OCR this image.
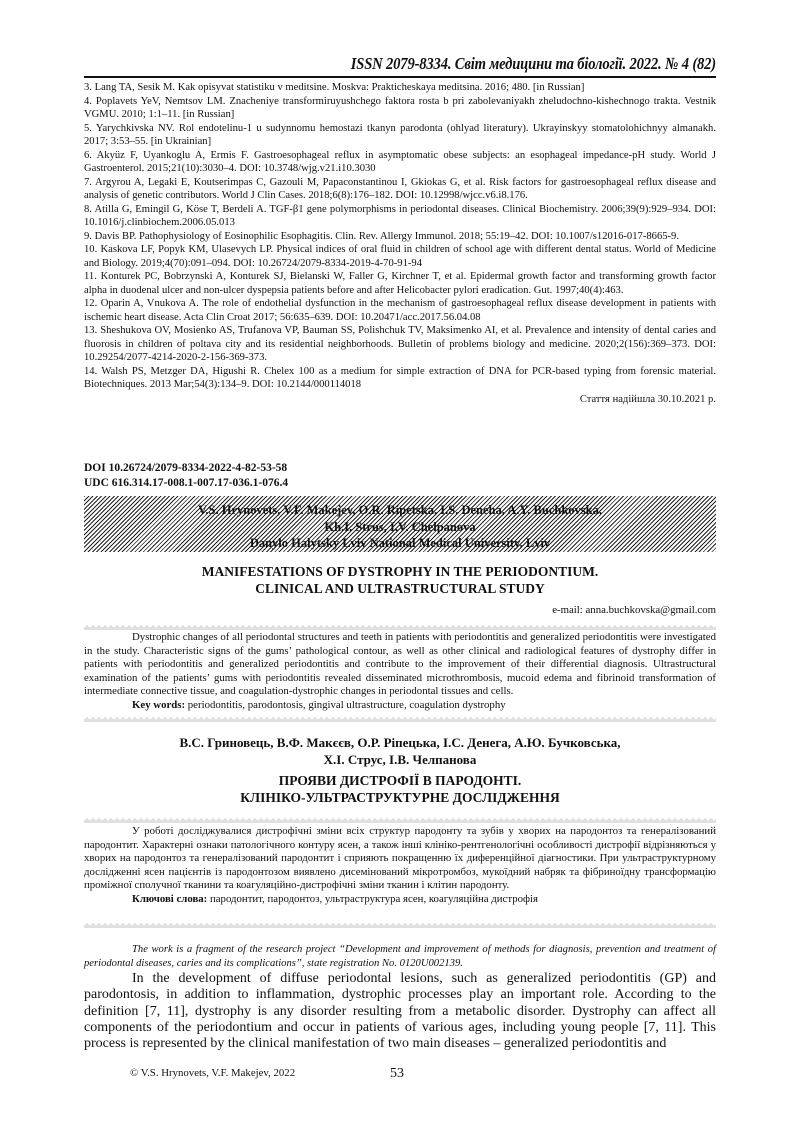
ISSN 2079-8334. Світ медицини та біології. 2022. № 4 (82)

3. Lang TA, Sesik M. Kak opisyvat statistiku v meditsine. Moskva: Prakticheskaya meditsina. 2016; 480. [in Russian]

4. Poplavets YeV, Nemtsov LM. Znacheniye transformiruyushchego faktora rosta b pri zabolevaniyakh zheludochno-kishechnogo trakta. Vestnik VGMU. 2010; 1:1–11. [in Russian]

5. Yarychkivska NV. Rol endotelinu-1 u sudynnomu hemostazi tkanyn parodonta (ohlyad literatury). Ukrayinskyy stomatolohichnyy almanakh. 2017; 3:53–55. [in Ukrainian]

6. Akyüz F, Uyankoglu A, Ermis F. Gastroesophageal reflux in asymptomatic obese subjects: an esophageal impedance-pH study. World J Gastroenterol. 2015;21(10):3030–4. DOI: 10.3748/wjg.v21.i10.3030

7. Argyrou A, Legaki E, Koutserimpas C, Gazouli M, Papaconstantinou I, Gkiokas G, et al. Risk factors for gastroesophageal reflux disease and analysis of genetic contributors. World J Clin Cases. 2018;6(8):176–182. DOI: 10.12998/wjcc.v6.i8.176.

8. Atilla G, Emingil G, Köse T, Berdeli A. TGF-β1 gene polymorphisms in periodontal diseases. Clinical Biochemistry. 2006;39(9):929–934. DOI: 10.1016/j.clinbiochem.2006.05.013

9. Davis BP. Pathophysiology of Eosinophilic Esophagitis. Clin. Rev. Allergy Immunol. 2018; 55:19–42. DOI: 10.1007/s12016-017-8665-9.

10. Kaskova LF, Popyk KM, Ulasevych LP. Physical indices of oral fluid in children of school age with different dental status. World of Medicine and Biology. 2019;4(70):091–094. DOI: 10.26724/2079-8334-2019-4-70-91-94

11. Konturek PC, Bobrzynski A, Konturek SJ, Bielanski W, Faller G, Kirchner T, et al. Epidermal growth factor and transforming growth factor alpha in duodenal ulcer and non-ulcer dyspepsia patients before and after Helicobacter pylori eradication. Gut. 1997;40(4):463.

12. Oparin A, Vnukova A. The role of endothelial dysfunction in the mechanism of gastroesophageal reflux disease development in patients with ischemic heart disease. Acta Clin Croat 2017; 56:635–639. DOI: 10.20471/acc.2017.56.04.08

13. Sheshukova OV, Mosienko AS, Trufanova VP, Bauman SS, Polishchuk TV, Maksimenko AI, et al. Prevalence and intensity of dental caries and fluorosis in children of poltava city and its residential neighborhoods. Bulletin of problems biology and medicine. 2020;2(156):369–373. DOI: 10.29254/2077-4214-2020-2-156-369-373.

14. Walsh PS, Metzger DA, Higushi R. Chelex 100 as a medium for simple extraction of DNA for PCR-based typing from forensic material. Biotechniques. 2013 Mar;54(3):134–9. DOI: 10.2144/000114018

Стаття надійшла 30.10.2021 р.
DOI 10.26724/2079-8334-2022-4-82-53-58
UDC 616.314.17-008.1-007.17-036.1-076.4
V.S. Hrynovets, V.F. Makejev, O.R. Ripetska, I.S. Deneha, A.Y. Buchkovska,
Kh.I. Strus, I.V. Chelpanova
Danylo Halytsky Lviv National Medical University, Lviv
MANIFESTATIONS OF DYSTROPHY IN THE PERIODONTIUM.
CLINICAL AND ULTRASTRUCTURAL STUDY
e-mail: anna.buchkovska@gmail.com

Dystrophic changes of all periodontal structures and teeth in patients with periodontitis and generalized periodontitis were investigated in the study. Characteristic signs of the gums’ pathological contour, as well as other clinical and radiological features of dystrophy differ in patients with periodontitis and generalized periodontitis and contribute to the improvement of their differential diagnosis. Ultrastructural examination of the patients’ gums with periodontitis revealed disseminated microthrombosis, mucoid edema and fibrinoid transformation of intermediate connective tissue, and coagulation-dystrophic changes in periodontal tissues and cells.

Key words: periodontitis, parodontosis, gingival ultrastructure, coagulation dystrophy

В.С. Гриновець, В.Ф. Макєєв, О.Р. Ріпецька, І.С. Денега, А.Ю. Бучковська,
Х.І. Струс, І.В. Челпанова
ПРОЯВИ ДИСТРОФІЇ В ПАРОДОНТІ.
КЛІНІКО-УЛЬТРАСТРУКТУРНЕ ДОСЛІДЖЕННЯ

У роботі досліджувалися дистрофічні зміни всіх структур пародонту та зубів у хворих на пародонтоз та генералізований пародонтит. Характерні ознаки патологічного контуру ясен, а також інші клініко-рентгенологічні особливості дистрофії відрізняються у хворих на пародонтоз та генералізований пародонтит і сприяють покращенню їх диференційної діагностики. При ультраструктурному дослідженні ясен пацієнтів із пародонтозом виявлено дисемінований мікротромбоз, мукоїдний набряк та фібриноїдну трансформацію проміжної сполучної тканини та коагуляційно-дистрофічні зміни тканин і клітин пародонту.

Ключові слова: пародонтит, пародонтоз, ультраструктура ясен, коагуляційна дистрофія

The work is a fragment of the research project “Development and improvement of methods for diagnosis, prevention and treatment of periodontal diseases, caries and its complications”, state registration No. 0120U002139.

In the development of diffuse periodontal lesions, such as generalized periodontitis (GP) and parodontosis, in addition to inflammation, dystrophic processes play an important role. According to the definition [7, 11], dystrophy is any disorder resulting from a metabolic disorder. Dystrophy can affect all components of the periodontium and occur in patients of various ages, including young people [7, 11]. This process is represented by the clinical manifestation of two main diseases – generalized periodontitis and

© V.S. Hrynovets, V.F. Makejev, 2022	53
